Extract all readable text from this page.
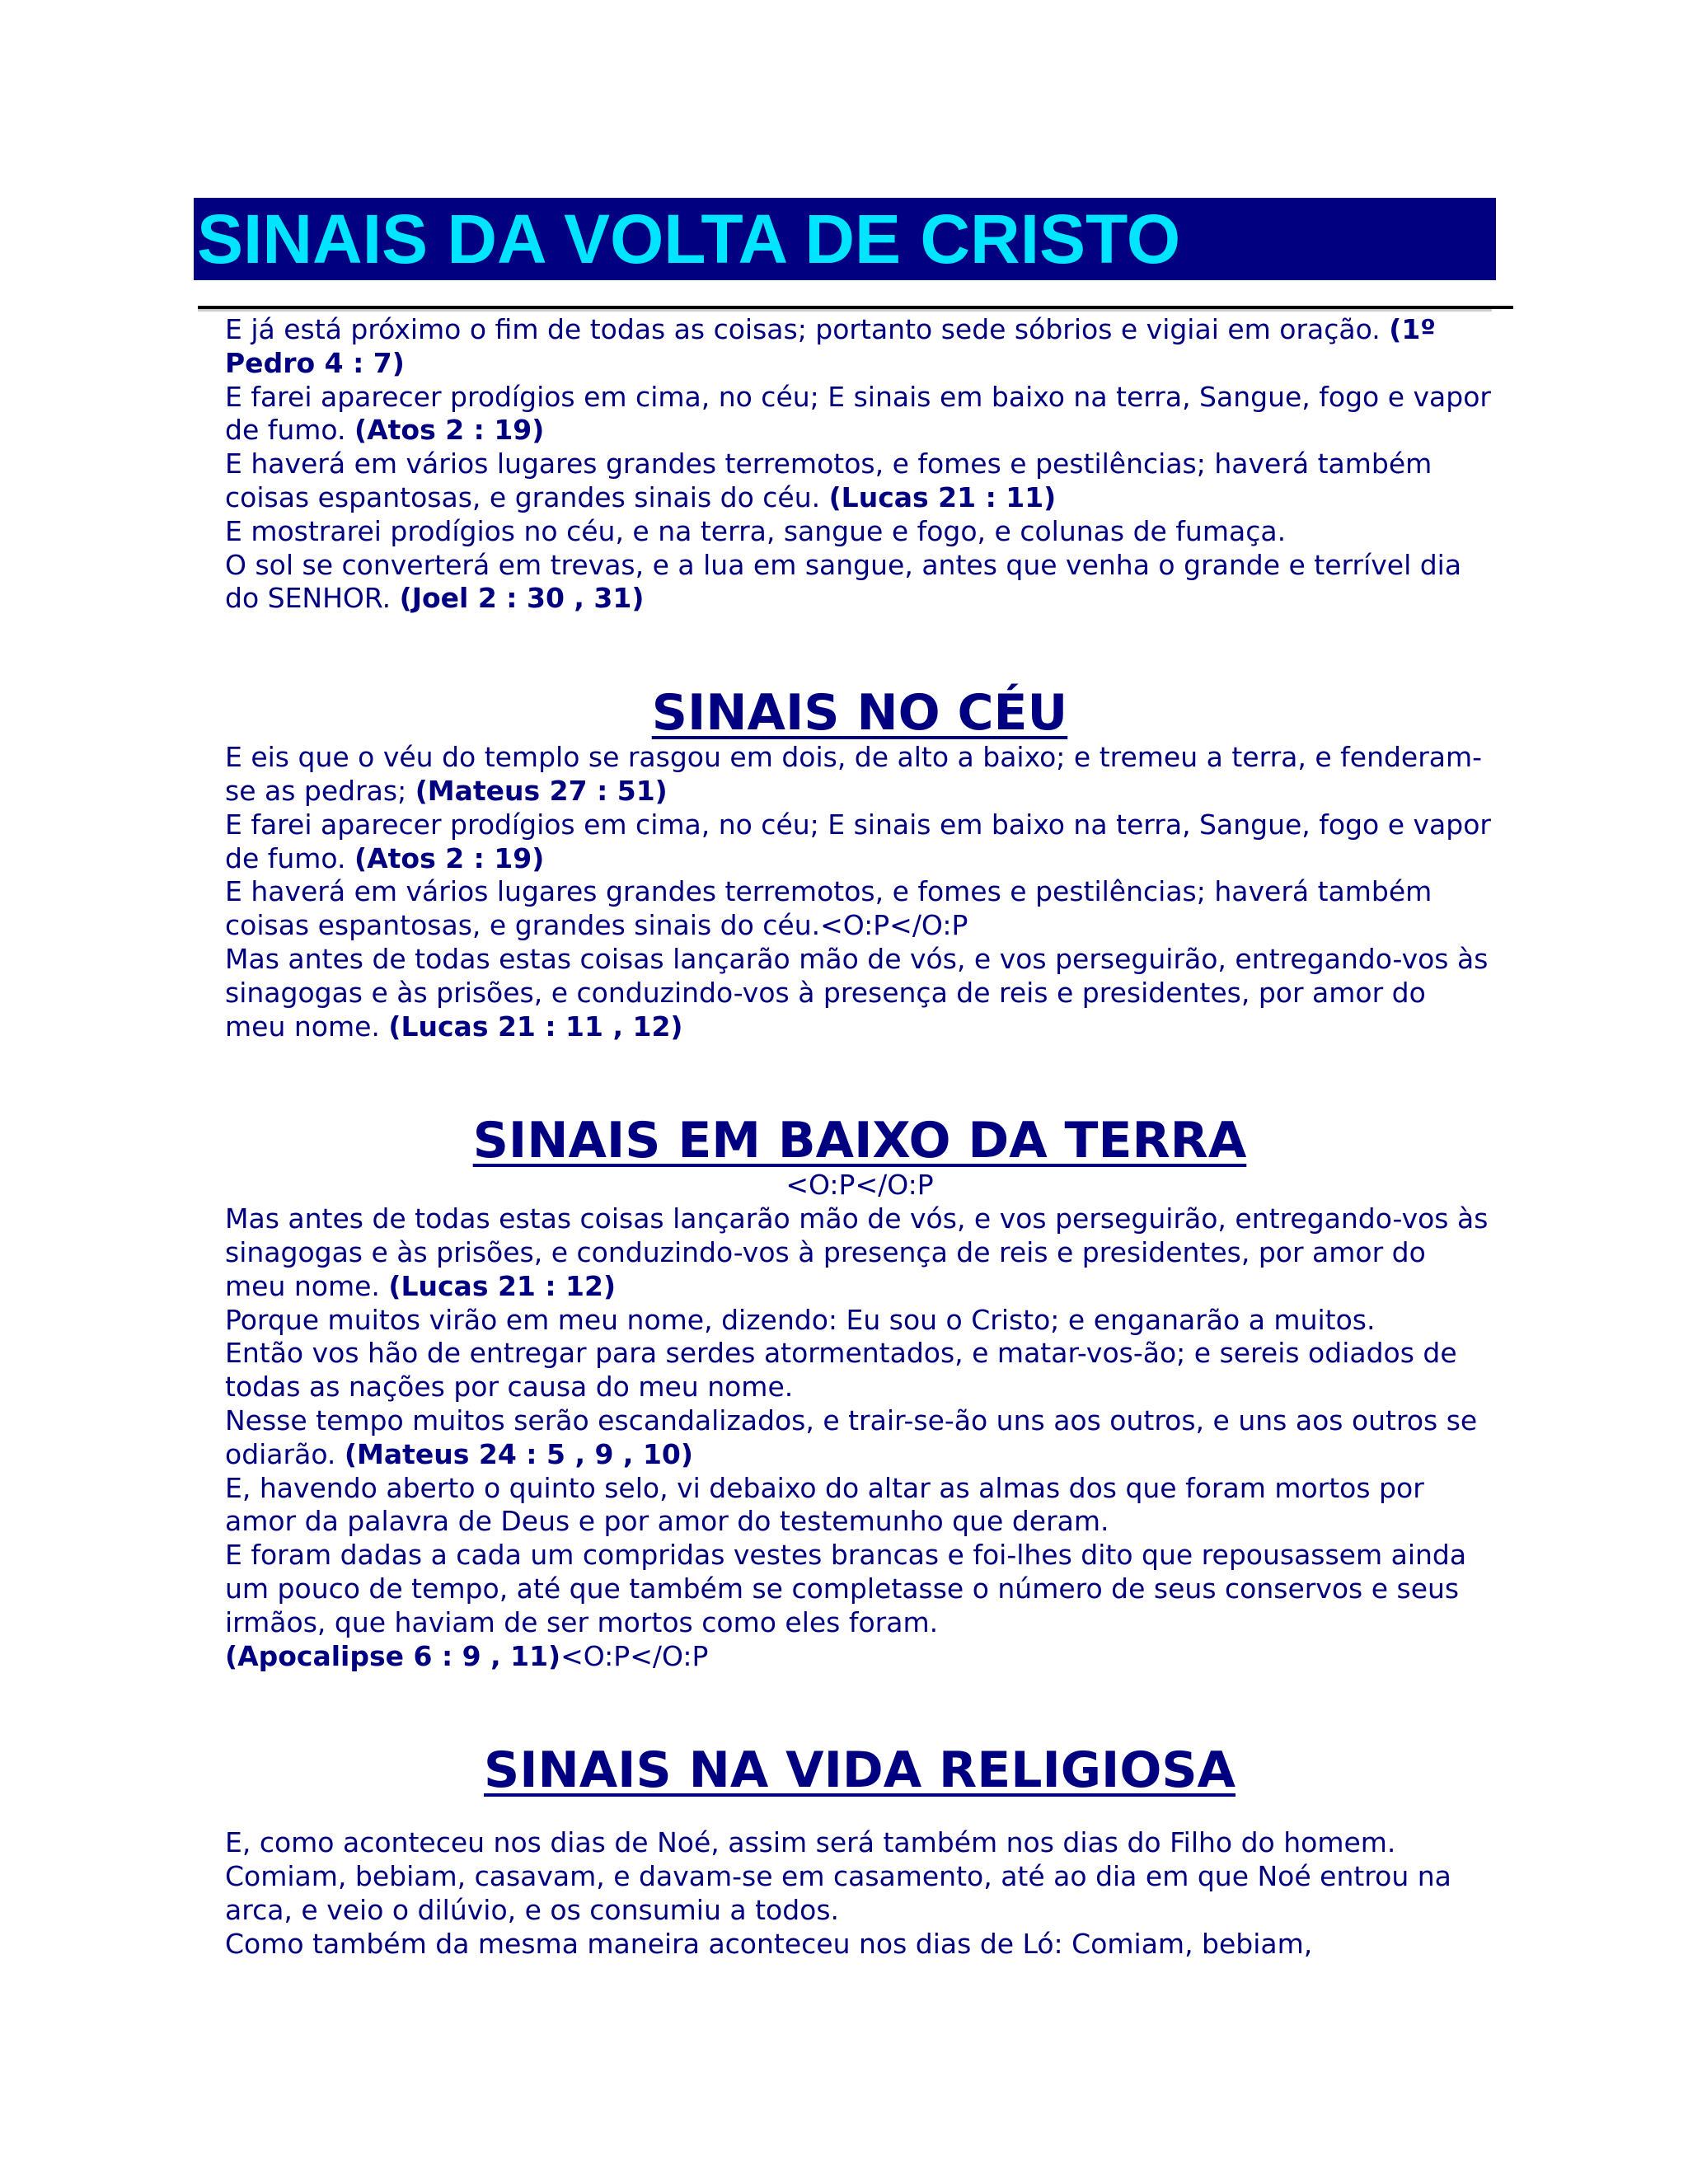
SINAIS DA VOLTA DE CRISTO

E já está próximo o fim de todas as coisas; portanto sede sóbrios e vigiai em oração. (1º Pedro 4 : 7)

E farei aparecer prodígios em cima, no céu; E sinais em baixo na terra, Sangue, fogo e vapor de fumo. (Atos 2 : 19)

E haverá em vários lugares grandes terremotos, e fomes e pestilências; haverá também coisas espantosas, e grandes sinais do céu. (Lucas 21 : 11)

E mostrarei prodígios no céu, e na terra, sangue e fogo, e colunas de fumaça.

O sol se converterá em trevas, e a lua em sangue, antes que venha o grande e terrível dia do SENHOR. (Joel 2 : 30 , 31)

SINAIS NO CÉU

E eis que o véu do templo se rasgou em dois, de alto a baixo; e tremeu a terra, e fenderam-se as pedras; (Mateus 27 : 51)

E farei aparecer prodígios em cima, no céu; E sinais em baixo na terra, Sangue, fogo e vapor de fumo. (Atos 2 : 19)

E haverá em vários lugares grandes terremotos, e fomes e pestilências; haverá também coisas espantosas, e grandes sinais do céu.<O:P</O:P

Mas antes de todas estas coisas lançarão mão de vós, e vos perseguirão, entregando-vos às sinagogas e às prisões, e conduzindo-vos à presença de reis e presidentes, por amor do meu nome. (Lucas 21 : 11 , 12)

SINAIS EM BAIXO DA TERRA

<O:P</O:P

Mas antes de todas estas coisas lançarão mão de vós, e vos perseguirão, entregando-vos às sinagogas e às prisões, e conduzindo-vos à presença de reis e presidentes, por amor do meu nome. (Lucas 21 : 12)

Porque muitos virão em meu nome, dizendo: Eu sou o Cristo; e enganarão a muitos.

Então vos hão de entregar para serdes atormentados, e matar-vos-ão; e sereis odiados de todas as nações por causa do meu nome.

Nesse tempo muitos serão escandalizados, e trair-se-ão uns aos outros, e uns aos outros se odiarão. (Mateus 24 : 5 , 9 , 10)

E, havendo aberto o quinto selo, vi debaixo do altar as almas dos que foram mortos por amor da palavra de Deus e por amor do testemunho que deram.

E foram dadas a cada um compridas vestes brancas e foi-lhes dito que repousassem ainda um pouco de tempo, até que também se completasse o número de seus conservos e seus irmãos, que haviam de ser mortos como eles foram.

(Apocalipse 6 : 9 , 11)<O:P</O:P

SINAIS NA VIDA RELIGIOSA

E, como aconteceu nos dias de Noé, assim será também nos dias do Filho do homem.

Comiam, bebiam, casavam, e davam-se em casamento, até ao dia em que Noé entrou na arca, e veio o dilúvio, e os consumiu a todos.

Como também da mesma maneira aconteceu nos dias de Ló: Comiam, bebiam,
